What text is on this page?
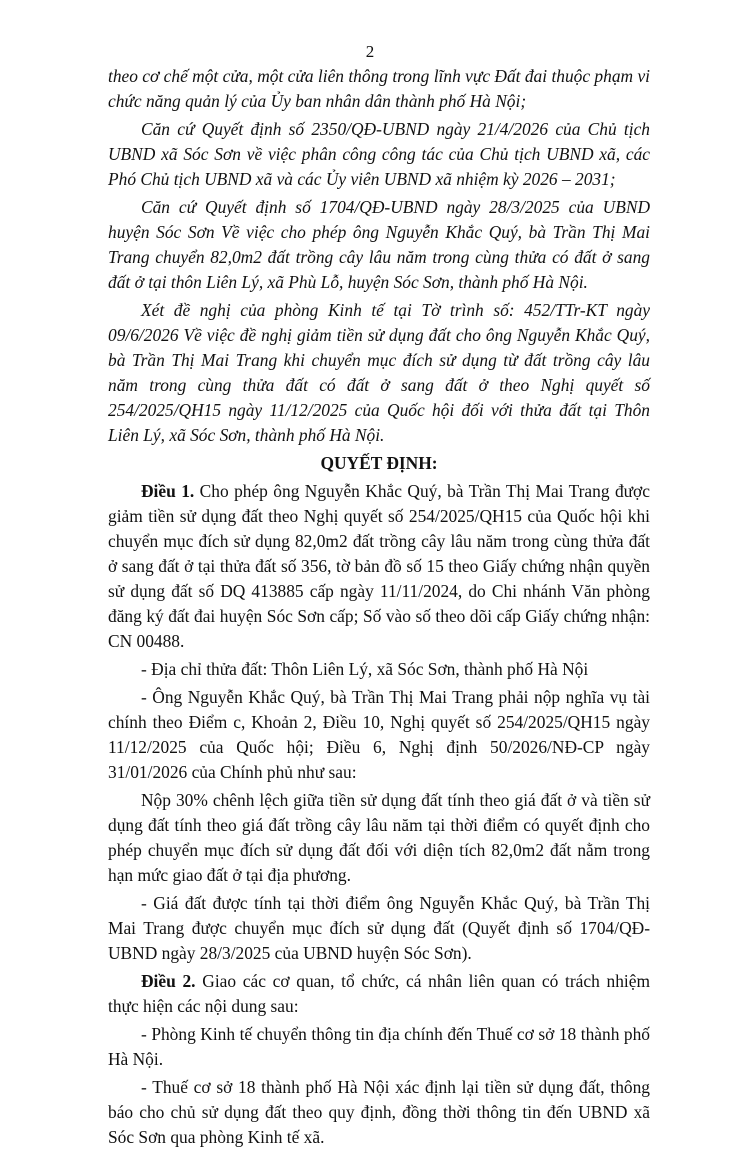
2

theo cơ chế một cửa, một cửa liên thông trong lĩnh vực Đất đai thuộc phạm vi chức năng quản lý của Ủy ban nhân dân thành phố Hà Nội;

Căn cứ Quyết định số 2350/QĐ-UBND ngày 21/4/2026 của Chủ tịch UBND xã Sóc Sơn về việc phân công công tác của Chủ tịch UBND xã, các Phó Chủ tịch UBND xã và các Ủy viên UBND xã nhiệm kỳ 2026 – 2031;

Căn cứ Quyết định số 1704/QĐ-UBND ngày 28/3/2025 của UBND huyện Sóc Sơn Về việc cho phép ông Nguyễn Khắc Quý, bà Trần Thị Mai Trang chuyển 82,0m2 đất trồng cây lâu năm trong cùng thửa có đất ở sang đất ở tại thôn Liên Lý, xã Phù Lỗ, huyện Sóc Sơn, thành phố Hà Nội.

Xét đề nghị của phòng Kinh tế tại Tờ trình số: 452/TTr-KT ngày 09/6/2026 Về việc đề nghị giảm tiền sử dụng đất cho ông Nguyễn Khắc Quý, bà Trần Thị Mai Trang khi chuyển mục đích sử dụng từ đất trồng cây lâu năm trong cùng thửa đất có đất ở sang đất ở theo Nghị quyết số 254/2025/QH15 ngày 11/12/2025 của Quốc hội đối với thửa đất tại Thôn Liên Lý, xã Sóc Sơn, thành phố Hà Nội.

QUYẾT ĐỊNH:

Điều 1. Cho phép ông Nguyễn Khắc Quý, bà Trần Thị Mai Trang được giảm tiền sử dụng đất theo Nghị quyết số 254/2025/QH15 của Quốc hội khi chuyển mục đích sử dụng 82,0m2 đất trồng cây lâu năm trong cùng thửa đất ở sang đất ở tại thửa đất số 356, tờ bản đồ số 15 theo Giấy chứng nhận quyền sử dụng đất số DQ 413885 cấp ngày 11/11/2024, do Chi nhánh Văn phòng đăng ký đất đai huyện Sóc Sơn cấp; Số vào số theo dõi cấp Giấy chứng nhận: CN 00488.

- Địa chỉ thửa đất: Thôn Liên Lý, xã Sóc Sơn, thành phố Hà Nội

- Ông Nguyễn Khắc Quý, bà Trần Thị Mai Trang phải nộp nghĩa vụ tài chính theo Điểm c, Khoản 2, Điều 10, Nghị quyết số 254/2025/QH15 ngày 11/12/2025 của Quốc hội; Điều 6, Nghị định 50/2026/NĐ-CP ngày 31/01/2026 của Chính phủ như sau:

Nộp 30% chênh lệch giữa tiền sử dụng đất tính theo giá đất ở và tiền sử dụng đất tính theo giá đất trồng cây lâu năm tại thời điểm có quyết định cho phép chuyển mục đích sử dụng đất đối với diện tích 82,0m2 đất nằm trong hạn mức giao đất ở tại địa phương.

- Giá đất được tính tại thời điểm ông Nguyễn Khắc Quý, bà Trần Thị Mai Trang được chuyển mục đích sử dụng đất (Quyết định số 1704/QĐ-UBND ngày 28/3/2025 của UBND huyện Sóc Sơn).

Điều 2. Giao các cơ quan, tổ chức, cá nhân liên quan có trách nhiệm thực hiện các nội dung sau:

- Phòng Kinh tế chuyển thông tin địa chính đến Thuế cơ sở 18 thành phố Hà Nội.

- Thuế cơ sở 18 thành phố Hà Nội xác định lại tiền sử dụng đất, thông báo cho chủ sử dụng đất theo quy định, đồng thời thông tin đến UBND xã Sóc Sơn qua phòng Kinh tế xã.
